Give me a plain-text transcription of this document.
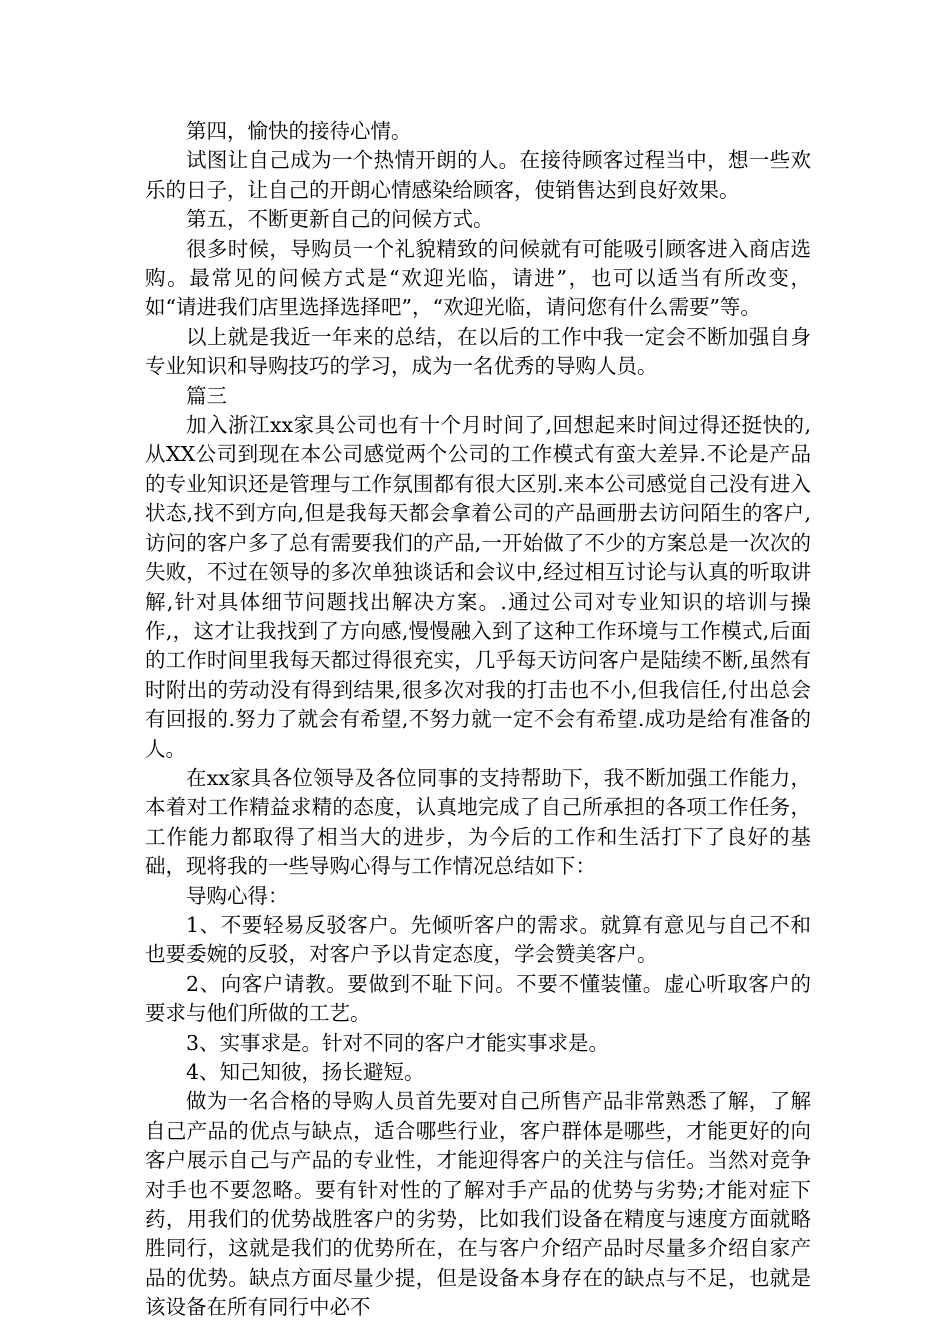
第四，愉快的接待心情。

试图让自己成为一个热情开朗的人。在接待顾客过程当中，想一些欢乐的日子，让自己的开朗心情感染给顾客，使销售达到良好效果。

第五，不断更新自己的问候方式。

很多时候，导购员一个礼貌精致的问候就有可能吸引顾客进入商店选购。最常见的问候方式是“欢迎光临，请进”，也可以适当有所改变，如“请进我们店里选择选择吧”，“欢迎光临，请问您有什么需要”等。

以上就是我近一年来的总结，在以后的工作中我一定会不断加强自身专业知识和导购技巧的学习，成为一名优秀的导购人员。

篇三

加入浙江xx家具公司也有十个月时间了,回想起来时间过得还挺快的,从XX公司到现在本公司感觉两个公司的工作模式有蛮大差异.不论是产品的专业知识还是管理与工作氛围都有很大区别.来本公司感觉自己没有进入状态,找不到方向,但是我每天都会拿着公司的产品画册去访问陌生的客户,访问的客户多了总有需要我们的产品,一开始做了不少的方案总是一次次的失败，不过在领导的多次单独谈话和会议中,经过相互讨论与认真的听取讲解,针对具体细节问题找出解决方案。.通过公司对专业知识的培训与操作,，这才让我找到了方向感,慢慢融入到了这种工作环境与工作模式,后面的工作时间里我每天都过得很充实，几乎每天访问客户是陆续不断,虽然有时附出的劳动没有得到结果,很多次对我的打击也不小,但我信任,付出总会有回报的.努力了就会有希望,不努力就一定不会有希望.成功是给有准备的人。

在xx家具各位领导及各位同事的支持帮助下，我不断加强工作能力，本着对工作精益求精的态度，认真地完成了自己所承担的各项工作任务，工作能力都取得了相当大的进步，为今后的工作和生活打下了良好的基础，现将我的一些导购心得与工作情况总结如下：

导购心得：

1、不要轻易反驳客户。先倾听客户的需求。就算有意见与自己不和也要委婉的反驳，对客户予以肯定态度，学会赞美客户。

2、向客户请教。要做到不耻下问。不要不懂装懂。虚心听取客户的要求与他们所做的工艺。

3、实事求是。针对不同的客户才能实事求是。

4、知己知彼，扬长避短。

做为一名合格的导购人员首先要对自己所售产品非常熟悉了解，了解自己产品的优点与缺点，适合哪些行业，客户群体是哪些，才能更好的向客户展示自己与产品的专业性，才能迎得客户的关注与信任。当然对竞争对手也不要忽略。要有针对性的了解对手产品的优势与劣势;才能对症下药，用我们的优势战胜客户的劣势，比如我们设备在精度与速度方面就略胜同行，这就是我们的优势所在，在与客户介绍产品时尽量多介绍自家产品的优势。缺点方面尽量少提，但是设备本身存在的缺点与不足，也就是该设备在所有同行中必不
